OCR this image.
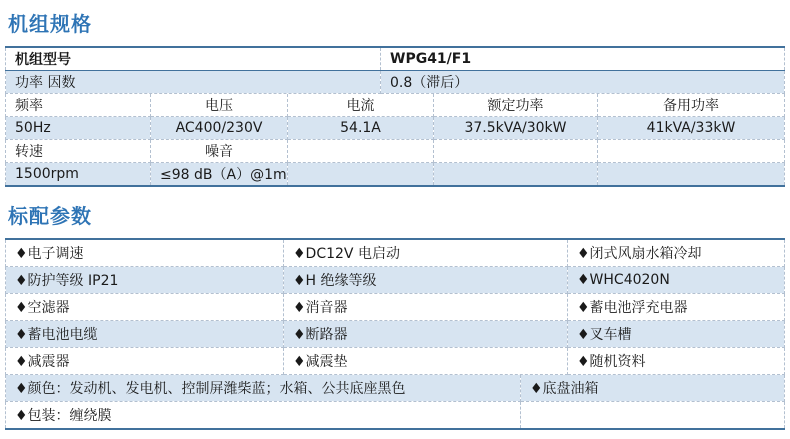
机组规格
机组型号	WPG41/F1
功率 因数	0.8（滞后）
频率	电压	电流	额定功率	备用功率
50Hz	AC400/230V	54.1A	37.5kVA/30kW	41kVA/33kW
转速	噪音			
1500rpm	≤98 dB（A）@1m			
标配参数
♦电子调速	♦DC12V 电启动	♦闭式风扇水箱冷却
♦防护等级 IP21	♦H 绝缘等级	♦WHC4020N
♦空滤器	♦消音器	♦蓄电池浮充电器
♦蓄电池电缆	♦断路器	♦叉车槽
♦减震器	♦减震垫	♦随机资料
♦颜色：发动机、发电机、控制屏潍柴蓝；水箱、公共底座黑色	♦底盘油箱
♦包装：缠绕膜	
